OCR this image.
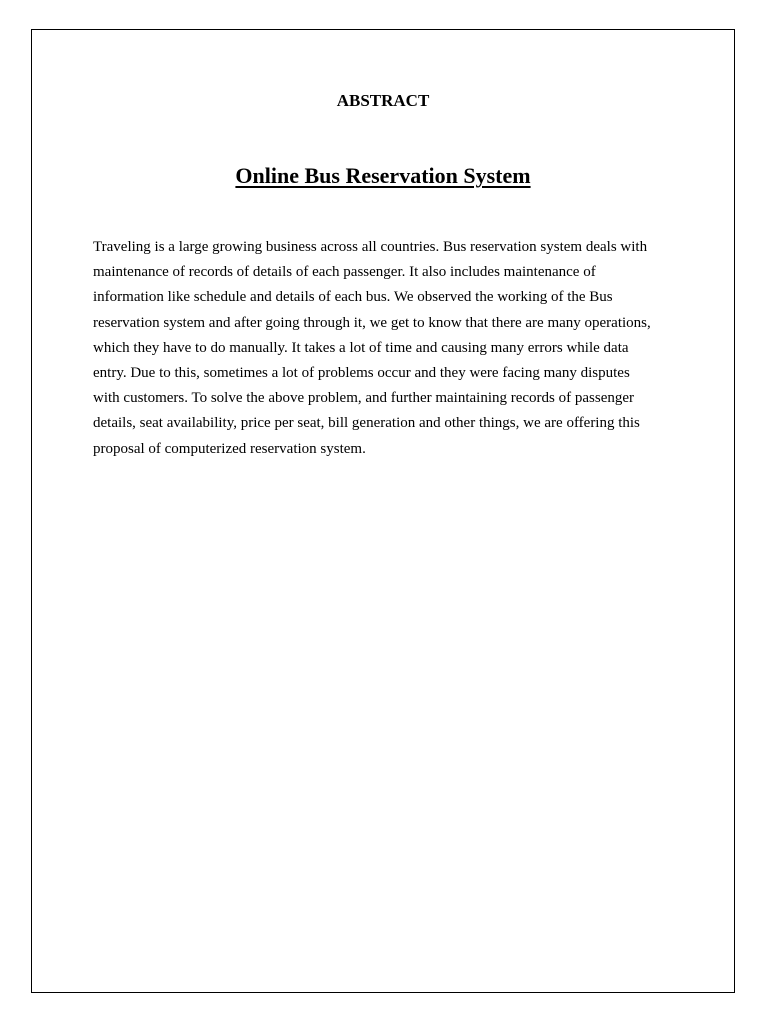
ABSTRACT
Online Bus Reservation System
Traveling is a large growing business across all countries. Bus reservation system deals with
maintenance of records of details of each passenger. It also includes maintenance of
information like schedule and details of each bus. We observed the working of the Bus
reservation system and after going through it, we get to know that there are many operations,
which they have to do manually. It takes a lot of time and causing many errors while data
entry. Due to this, sometimes a lot of problems occur and they were facing many disputes
with customers. To solve the above problem, and further maintaining records of passenger
details, seat availability, price per seat, bill generation and other things, we are offering this
proposal of computerized reservation system.
